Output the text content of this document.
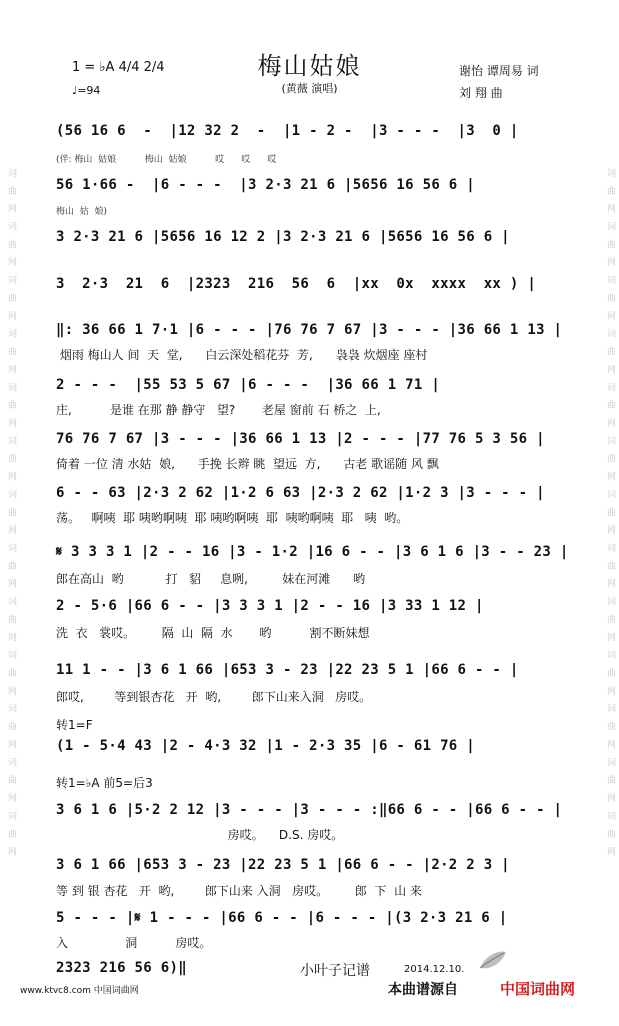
词 曲 网 词 曲 网 词 曲 网 词 曲 网 词 曲 网 词 曲 网 词 曲 网 词 曲 网 词 曲 网 词 曲 网 词 曲 网 词 曲 网 词 曲 网	词 曲 网 词 曲 网 词 曲 网 词 曲 网 词 曲 网 词 曲 网 词 曲 网 词 曲 网 词 曲 网 词 曲 网 词 曲 网 词 曲 网 词 曲 网
梅山姑娘
(黄薇 演唱)
1 = ♭A 4/4 2/4
♩=94
谢怡 谭周易 词
刘 翔 曲
(56 16 6  -  |12 32 2  -  |1 - 2 -  |3 - - -  |3  0 |
(伴: 梅山  姑娘          梅山  姑娘          哎      哎      哎
56 1·66 -  |6 - - -  |3 2·3 21 6 |5656 16 56 6 |
梅山  姑  娘)
3 2·3 21 6 |5656 16 12 2 |3 2·3 21 6 |5656 16 56 6 |
3  2·3  21  6  |2323  216  56  6  |xx  0x  xxxx  xx ) |
‖: 36 66 1 7·1 |6 - - - |76 76 7 67 |3 - - - |36 66 1 13 |
烟雨 梅山人 间  天  堂,      白云深处稻花芬  芳,      袅袅 炊烟座 座村
2 - - -  |55 53 5 67 |6 - - -  |36 66 1 71 |
庄,          是谁 在那 静 静守   望?       老屋 窗前 石 桥之  上,
76 76 7 67 |3 - - - |36 66 1 13 |2 - - - |77 76 5 3 56 |
倚着 一位 清 水姑  娘,      手挽 长辫 眺  望远  方,      古老 歌谣随 风 飘
6 - - 63 |2·3 2 62 |1·2 6 63 |2·3 2 62 |1·2 3 |3 - - - |
荡。   啊咦  耶 咦哟啊咦  耶 咦哟啊咦  耶  咦哟啊咦  耶   咦  哟。
𝄋 3 3 3 1 |2 - - 16 |3 - 1·2 |16 6 - - |3 6 1 6 |3 - - 23 |
郎在高山  哟           打   貂     息咧,         妹在河滩      哟
2 - 5·6 |66 6 - - |3 3 3 1 |2 - - 16 |3 33 1 12 |
洗  衣   裳哎。       隔  山  隔  水       哟          割不断妹想
11 1 - - |3 6 1 66 |653 3 - 23 |22 23 5 1 |66 6 - - |
郎哎,        等到银杏花   开  哟,        郎下山来入洞   房哎。
转1=F
(1 - 5·4 43 |2 - 4·3 32 |1 - 2·3 35 |6 - 61 76 |
转1=♭A 前5=后3
3 6 1 6 |5·2 2 12 |3 - - - |3 - - - :‖66 6 - - |66 6 - - |
房哎。    D.S. 房哎。
3 6 1 66 |653 3 - 23 |22 23 5 1 |66 6 - - |2·2 2 3 |
等 到 银 杏花   开  哟,        郎下山来 入洞   房哎。       郎  下  山 来
5 - - - |𝄋 1 - - - |66 6 - - |6 - - - |(3 2·3 21 6 |
入               洞          房哎。
2323 216 56 6)‖	小叶子记谱	2014.12.10.
www.ktvc8.com 中国词曲网	本曲谱源自	中国词曲网
